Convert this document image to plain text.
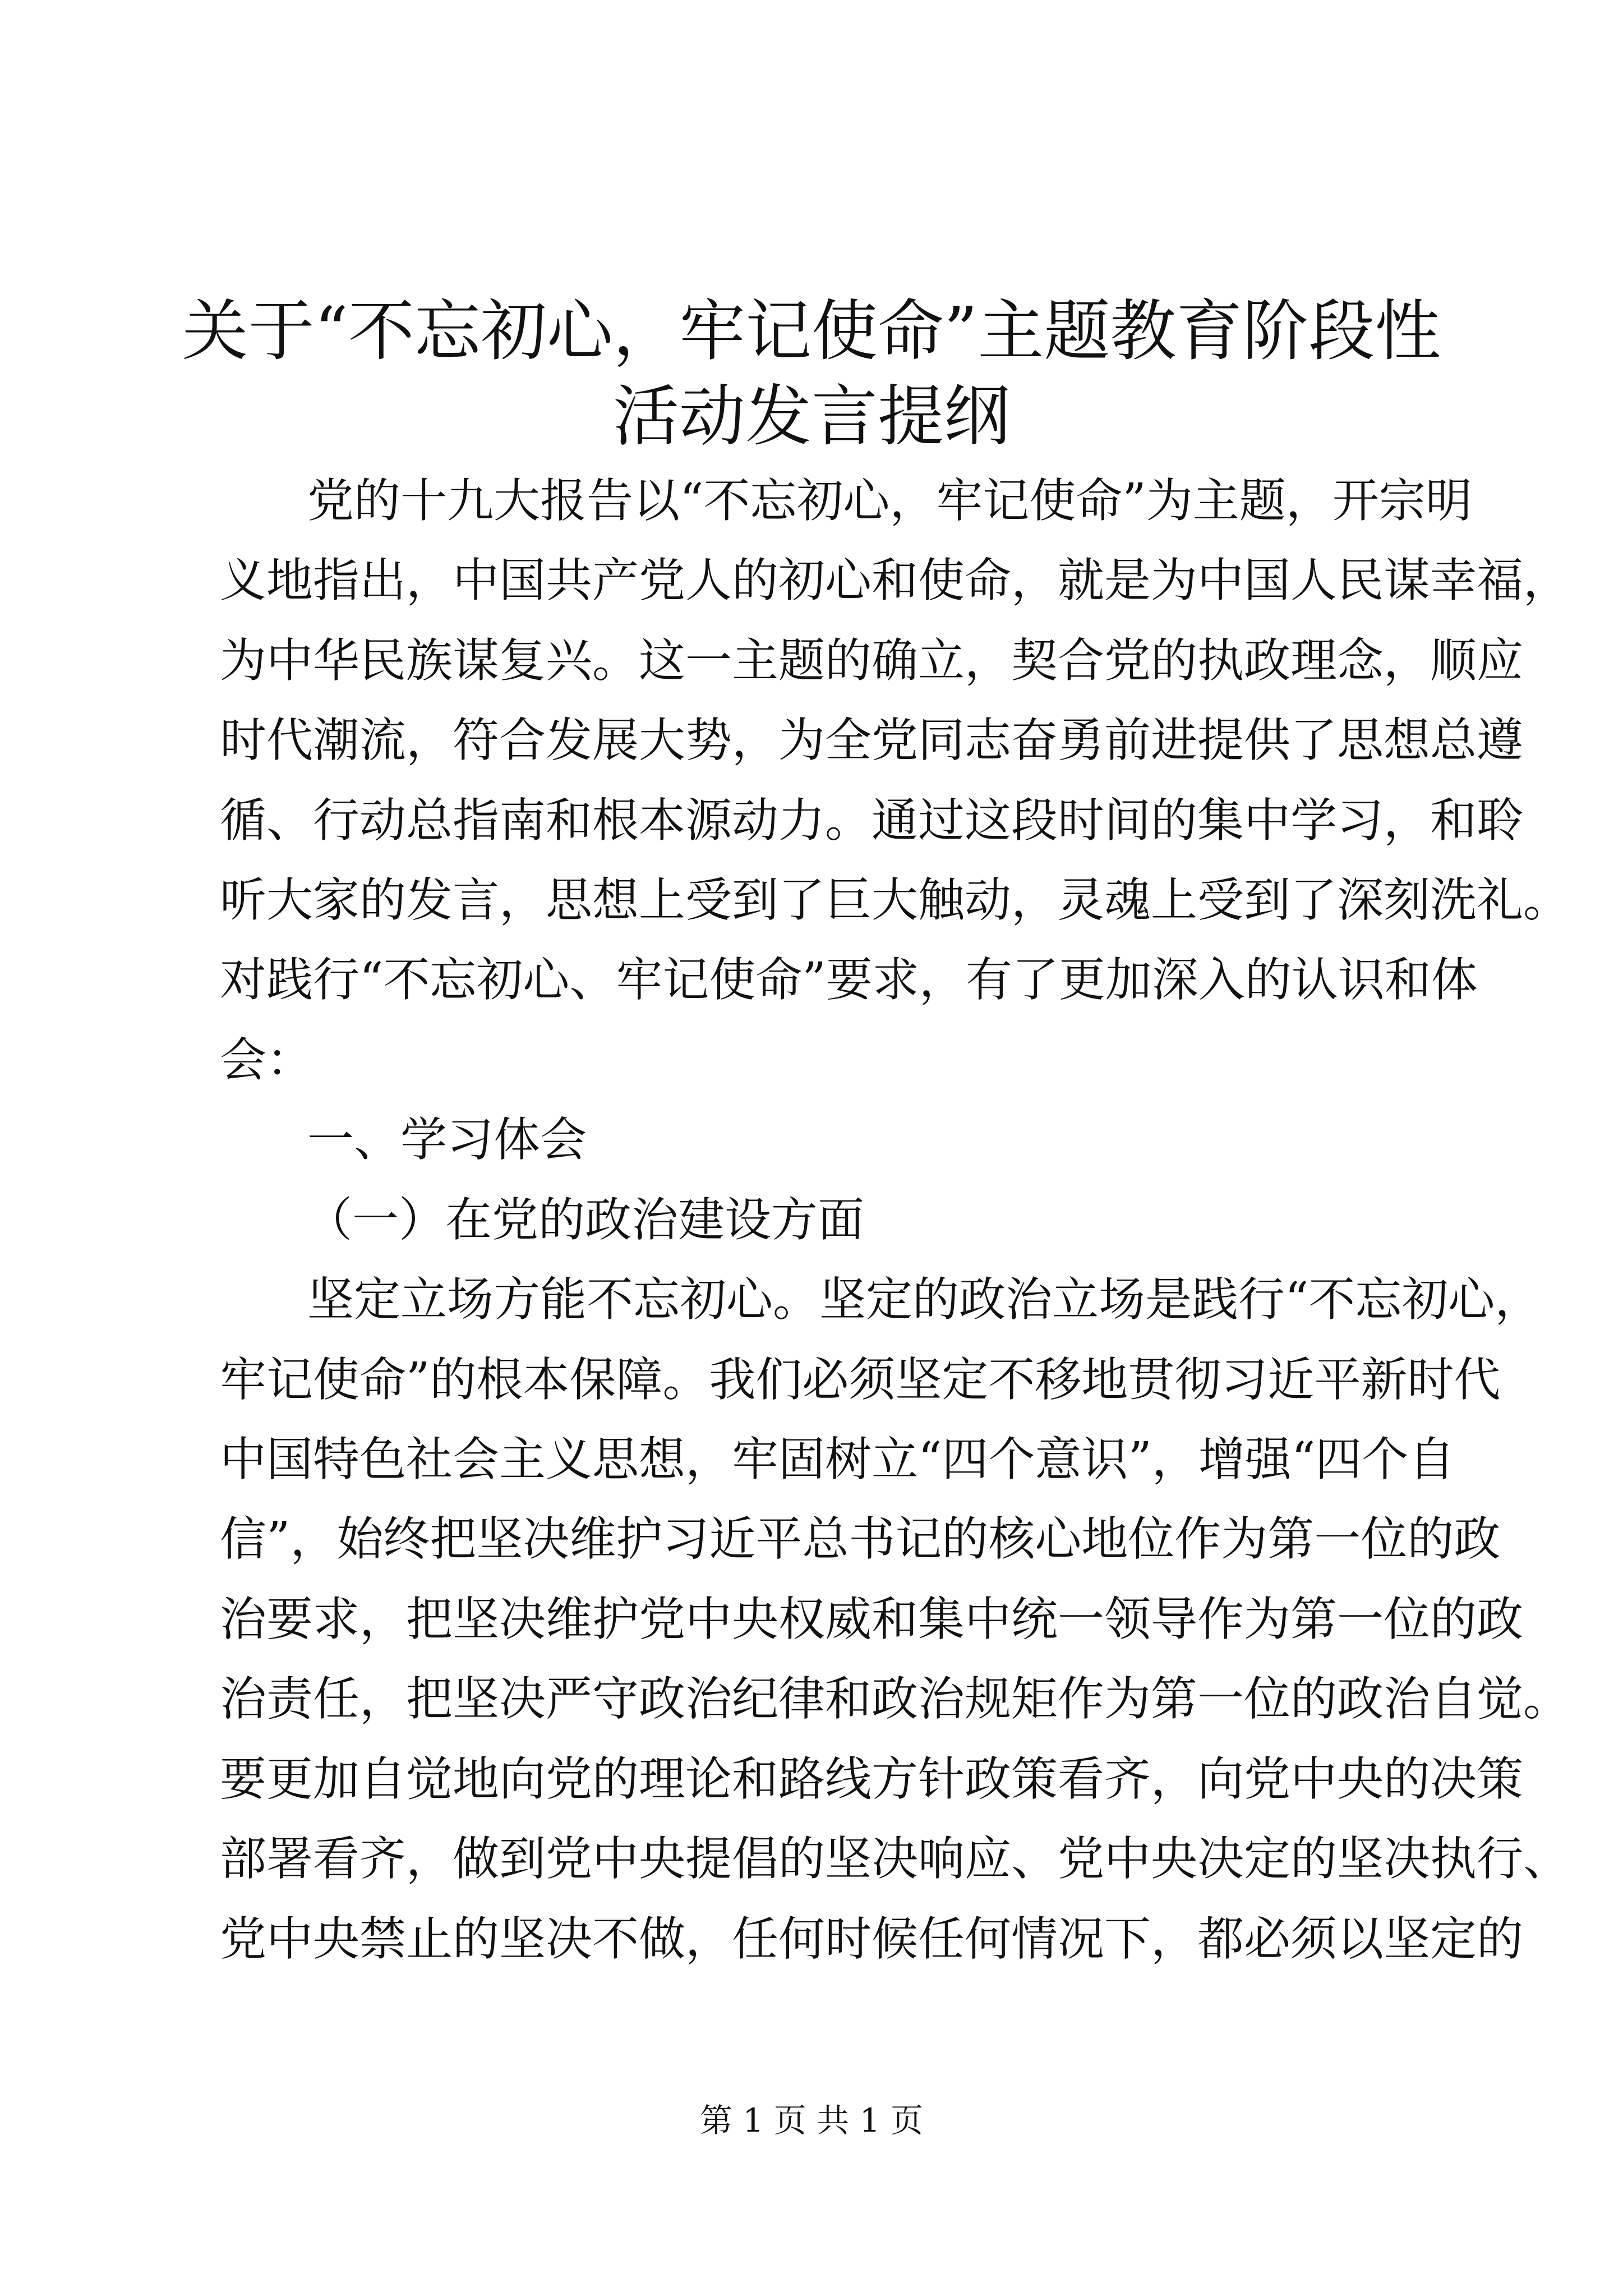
关于“不忘初心，牢记使命”主题教育阶段性
活动发言提纲
党的十九大报告以“不忘初心，牢记使命”为主题，开宗明
义地指出，中国共产党人的初心和使命，就是为中国人民谋幸福，
为中华民族谋复兴。这一主题的确立，契合党的执政理念，顺应
时代潮流，符合发展大势，为全党同志奋勇前进提供了思想总遵
循、行动总指南和根本源动力。通过这段时间的集中学习，和聆
听大家的发言，思想上受到了巨大触动，灵魂上受到了深刻洗礼。
对践行“不忘初心、牢记使命”要求，有了更加深入的认识和体
会：
一、学习体会
（一）在党的政治建设方面
坚定立场方能不忘初心。坚定的政治立场是践行“不忘初心，
牢记使命”的根本保障。我们必须坚定不移地贯彻习近平新时代
中国特色社会主义思想，牢固树立“四个意识”，增强“四个自
信”，始终把坚决维护习近平总书记的核心地位作为第一位的政
治要求，把坚决维护党中央权威和集中统一领导作为第一位的政
治责任，把坚决严守政治纪律和政治规矩作为第一位的政治自觉。
要更加自觉地向党的理论和路线方针政策看齐，向党中央的决策
部署看齐，做到党中央提倡的坚决响应、党中央决定的坚决执行、
党中央禁止的坚决不做，任何时候任何情况下，都必须以坚定的
第 1 页 共 1 页
